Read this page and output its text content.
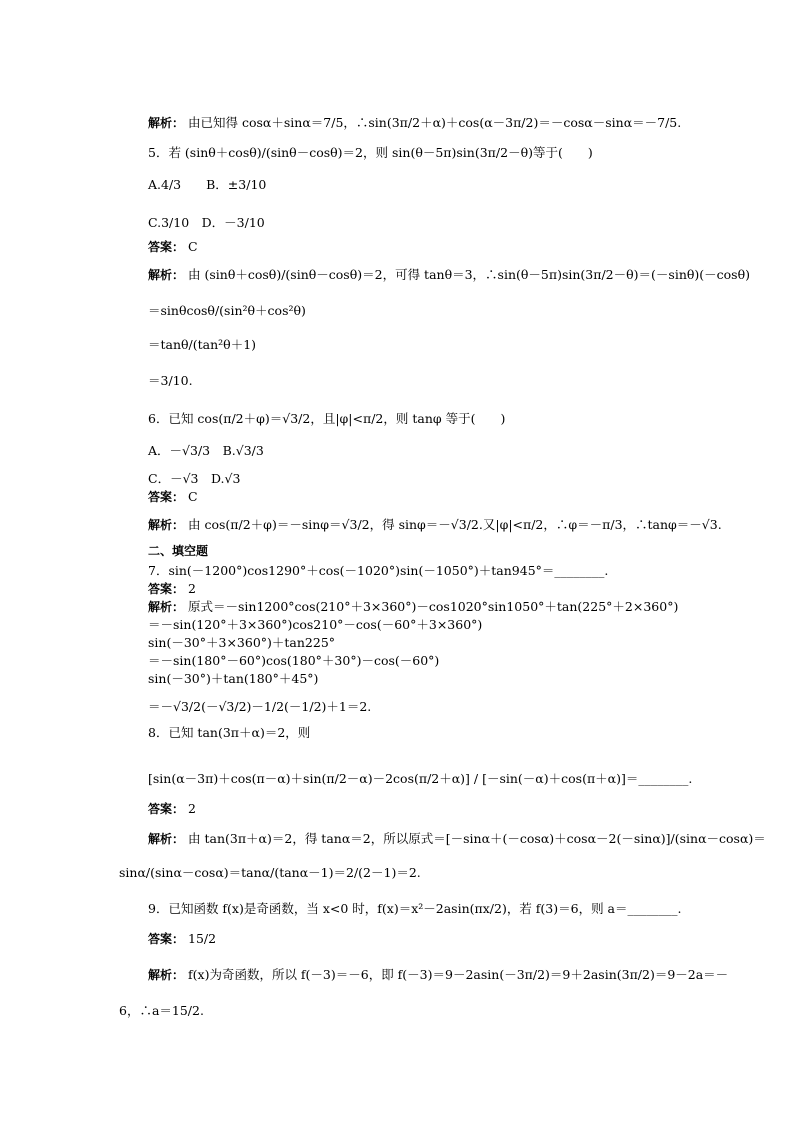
解析： 由已知得 cosα＋sinα＝7/5，∴sin(3π/2＋α)＋cos(α－3π/2)＝－cosα－sinα＝－7/5.
5．若 (sinθ＋cosθ)/(sinθ－cosθ)＝2，则 sin(θ－5π)sin(3π/2－θ)等于(　　)
A.4/3　　B．±3/10
C.3/10　D．－3/10
答案： C
解析： 由 (sinθ＋cosθ)/(sinθ－cosθ)＝2，可得 tanθ＝3，∴sin(θ－5π)sin(3π/2－θ)＝(－sinθ)(－cosθ)
＝sinθcosθ/(sin²θ＋cos²θ)
＝tanθ/(tan²θ＋1)
＝3/10.
6．已知 cos(π/2＋φ)＝√3/2，且|φ|<π/2，则 tanφ 等于(　　)
A．－√3/3　B.√3/3
C．－√3　D.√3
答案： C
解析： 由 cos(π/2＋φ)＝－sinφ＝√3/2，得 sinφ＝－√3/2.又|φ|<π/2，∴φ＝－π/3，∴tanφ＝－√3.
二、填空题
7．sin(－1200°)cos1290°＋cos(－1020°)sin(－1050°)＋tan945°＝________.
答案： 2
解析： 原式＝－sin1200°cos(210°＋3×360°)－cos1020°sin1050°＋tan(225°＋2×360°)
＝－sin(120°＋3×360°)cos210°－cos(－60°＋3×360°)
sin(－30°＋3×360°)＋tan225°
＝－sin(180°－60°)cos(180°＋30°)－cos(－60°)
sin(－30°)＋tan(180°＋45°)
＝－√3/2(－√3/2)－1/2(－1/2)＋1＝2.
8．已知 tan(3π＋α)＝2，则
[sin(α－3π)＋cos(π－α)＋sin(π/2－α)－2cos(π/2＋α)] / [－sin(－α)＋cos(π＋α)]＝________.
答案： 2
解析： 由 tan(3π＋α)＝2，得 tanα＝2，所以原式＝[－sinα＋(－cosα)＋cosα－2(－sinα)]/(sinα－cosα)＝
sinα/(sinα－cosα)＝tanα/(tanα－1)＝2/(2－1)＝2.
9．已知函数 f(x)是奇函数，当 x<0 时，f(x)＝x²－2asin(πx/2)，若 f(3)＝6，则 a＝________.
答案： 15/2
解析： f(x)为奇函数，所以 f(－3)＝－6，即 f(－3)＝9－2asin(－3π/2)＝9＋2asin(3π/2)＝9－2a＝－
6，∴a＝15/2.
